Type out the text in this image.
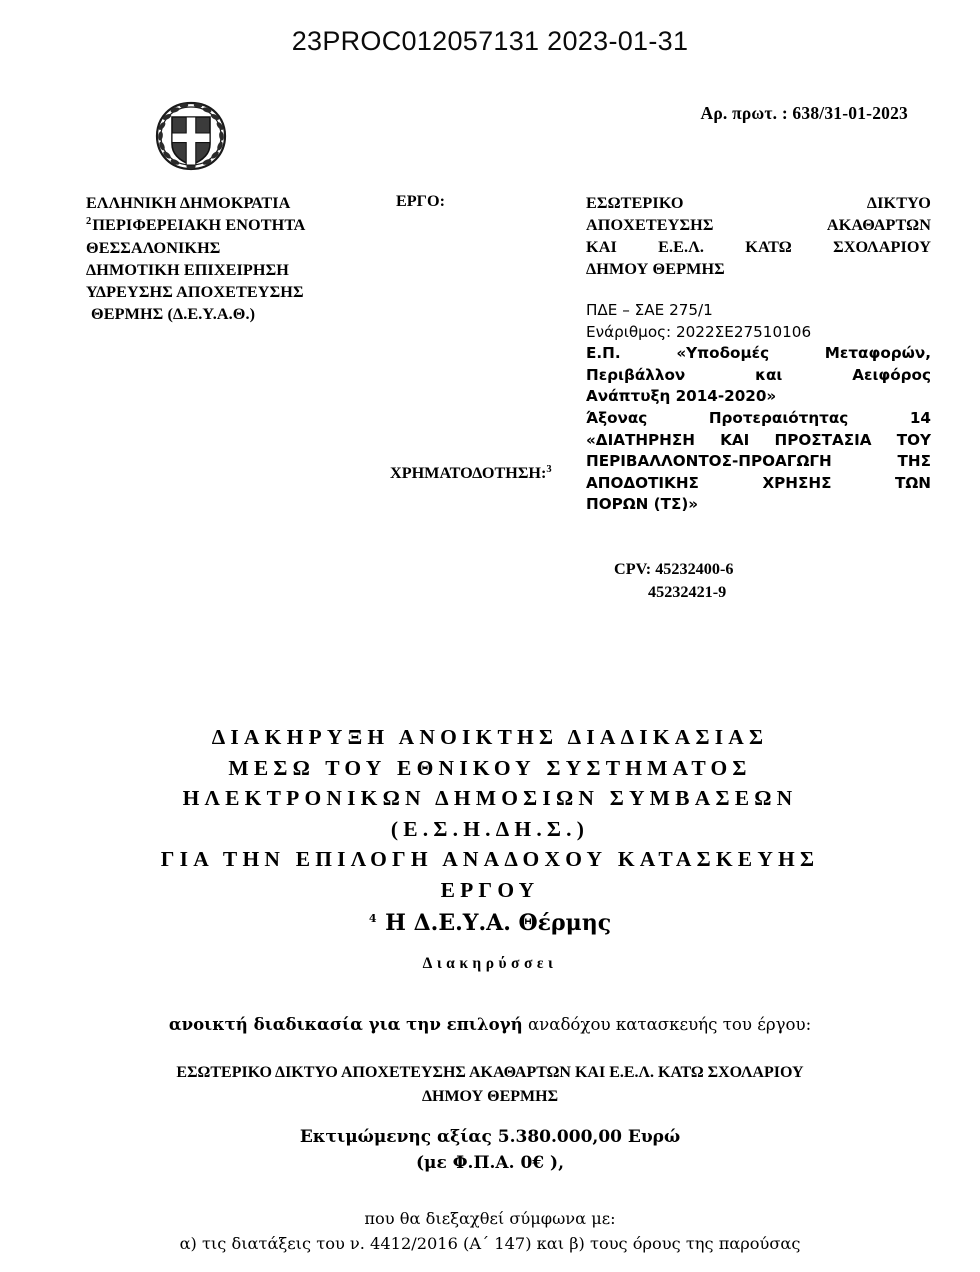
23PROC012057131 2023-01-31
Αρ. πρωτ. : 638/31-01-2023
ΕΛΛΗΝΙΚΗ ΔΗΜΟΚΡΑΤΙΑ
$^2$ΠΕΡΙΦΕΡΕΙΑΚΗ ΕΝΟΤΗΤΑ
ΘΕΣΣΑΛΟΝΙΚΗΣ
ΔΗΜΟΤΙΚΗ ΕΠΙΧΕΙΡΗΣΗ
ΥΔΡΕΥΣΗΣ ΑΠΟΧΕΤΕΥΣΗΣ
ΘΕΡΜΗΣ (Δ.Ε.Υ.Α.Θ.)
ΕΡΓΟ:
ΧΡΗΜΑΤΟΔΟΤΗΣΗ:$^3$
ΕΣΩΤΕΡΙΚΟ ΔΙΚΤΥΟ
ΑΠΟΧΕΤΕΥΣΗΣ ΑΚΑΘΑΡΤΩΝ
ΚΑΙ Ε.Ε.Λ. ΚΑΤΩ ΣΧΟΛΑΡΙΟΥ
ΔΗΜΟΥ ΘΕΡΜΗΣ
ΠΔΕ – ΣΑΕ 275/1
Ενάριθμος: 2022ΣΕ27510106
Ε.Π. «Υποδομές Μεταφορών,
Περιβάλλον και Αειφόρος
Ανάπτυξη 2014-2020»
Άξονας Προτεραιότητας 14
«ΔΙΑΤΗΡΗΣΗ ΚΑΙ ΠΡΟΣΤΑΣΙΑ ΤΟΥ
ΠΕΡΙΒΑΛΛΟΝΤΟΣ-ΠΡΟΑΓΩΓΗ ΤΗΣ
ΑΠΟΔΟΤΙΚΗΣ ΧΡΗΣΗΣ ΤΩΝ
ΠΟΡΩΝ (ΤΣ)»
CPV: 45232400-6
45232421-9
ΔΙΑΚΗΡΥΞΗ ΑΝΟΙΚΤΗΣ ΔΙΑΔΙΚΑΣΙΑΣ
ΜΕΣΩ ΤΟΥ ΕΘΝΙΚΟΥ ΣΥΣΤΗΜΑΤΟΣ
ΗΛΕΚΤΡΟΝΙΚΩΝ ΔΗΜΟΣΙΩΝ ΣΥΜΒΑΣΕΩΝ
(Ε.Σ.Η.ΔΗ.Σ.)
ΓΙΑ ΤΗΝ ΕΠΙΛΟΓΗ ΑΝΑΔΟΧΟΥ ΚΑΤΑΣΚΕΥΗΣ
ΕΡΓΟΥ
$^4$ Η Δ.Ε.Υ.Α. Θέρμης
Διακηρύσσει
ανοικτή διαδικασία για την επιλογή αναδόχου κατασκευής του έργου:
ΕΣΩΤΕΡΙΚΟ ΔΙΚΤΥΟ ΑΠΟΧΕΤΕΥΣΗΣ ΑΚΑΘΑΡΤΩΝ ΚΑΙ Ε.Ε.Λ. ΚΑΤΩ ΣΧΟΛΑΡΙΟΥ
ΔΗΜΟΥ ΘΕΡΜΗΣ
Εκτιμώμενης αξίας 5.380.000,00 Ευρώ
(με Φ.Π.Α. 0€ ),
που θα διεξαχθεί σύμφωνα με:
α) τις διατάξεις του ν. 4412/2016 (Α΄ 147) και β) τους όρους της παρούσας
